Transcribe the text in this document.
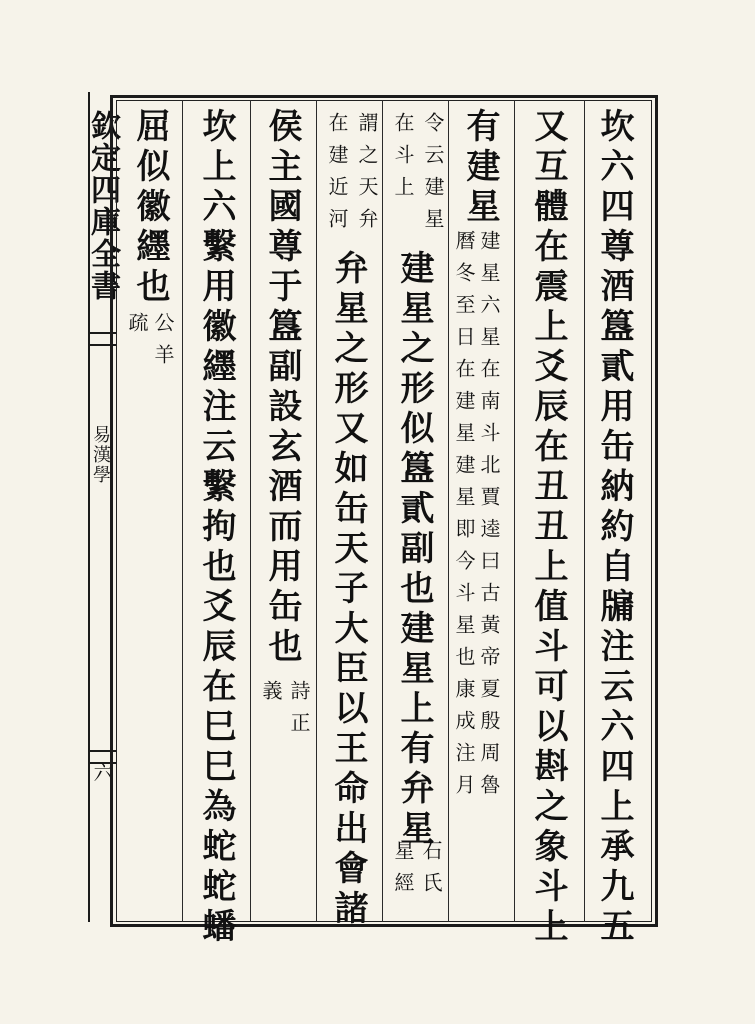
欽定四庫全書
易漢學
六	坎六四尊酒簋貳用缶納約自牖注云六四上承九五
又互體在震上爻辰在丑丑上值斗可以斟之象斗上
有建星
建星六星在南斗北賈逵曰古黃帝夏殷周魯
曆冬至日在建星建星即今斗星也康成注月
令云建星
在斗上
建星之形似簋貳副也建星上有弁星
石氏
星經
謂之天弁
在建近河
弁星之形又如缶天子大臣以王命出會諸
侯主國尊于簋副設玄酒而用缶也
詩正
義
坎上六繫用徽纆注云繫拘也爻辰在巳巳為蛇蛇蟠
屈似徽纆也
公羊
疏
